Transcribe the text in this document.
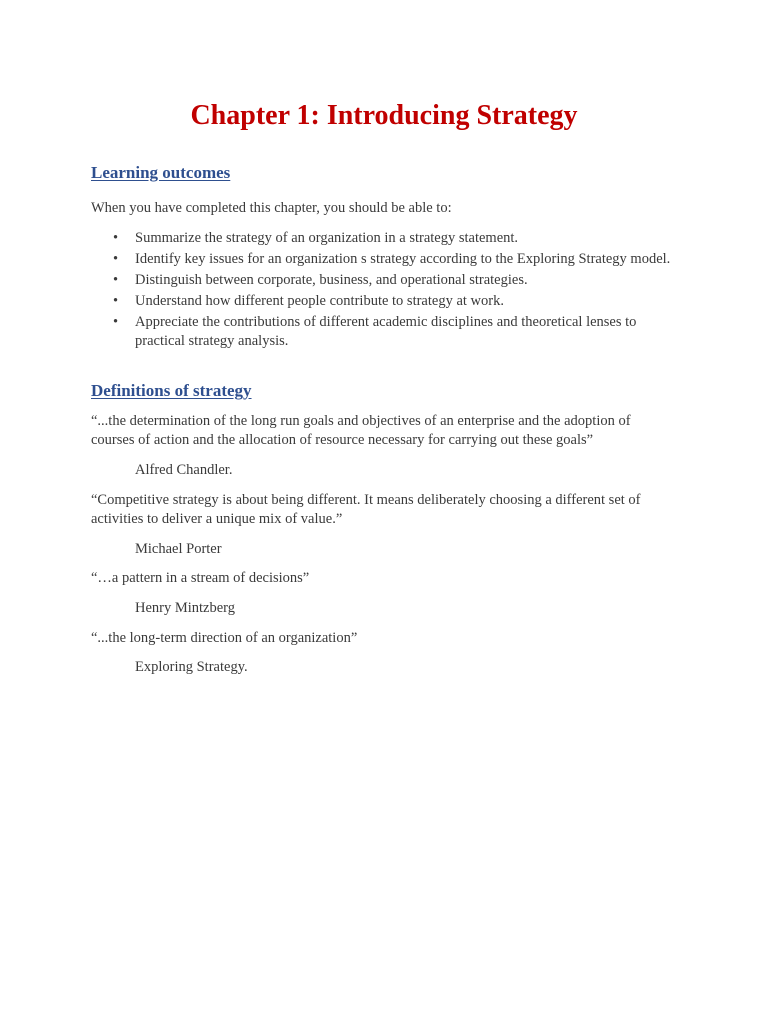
Chapter 1: Introducing Strategy
Learning outcomes

When you have completed this chapter, you should be able to:

• Summarize the strategy of an organization in a strategy statement.
• Identify key issues for an organization s strategy according to the Exploring Strategy model.
• Distinguish between corporate, business, and operational strategies.
• Understand how different people contribute to strategy at work.
• Appreciate the contributions of different academic disciplines and theoretical lenses to practical strategy analysis.
Definitions of strategy

“...the determination of the long run goals and objectives of an enterprise and the adoption of courses of action and the allocation of resource necessary for carrying out these goals”

Alfred Chandler.

“Competitive strategy is about being different. It means deliberately choosing a different set of activities to deliver a unique mix of value.”

Michael Porter

“…a pattern in a stream of decisions”

Henry Mintzberg

“...the long-term direction of an organization”

Exploring Strategy.
